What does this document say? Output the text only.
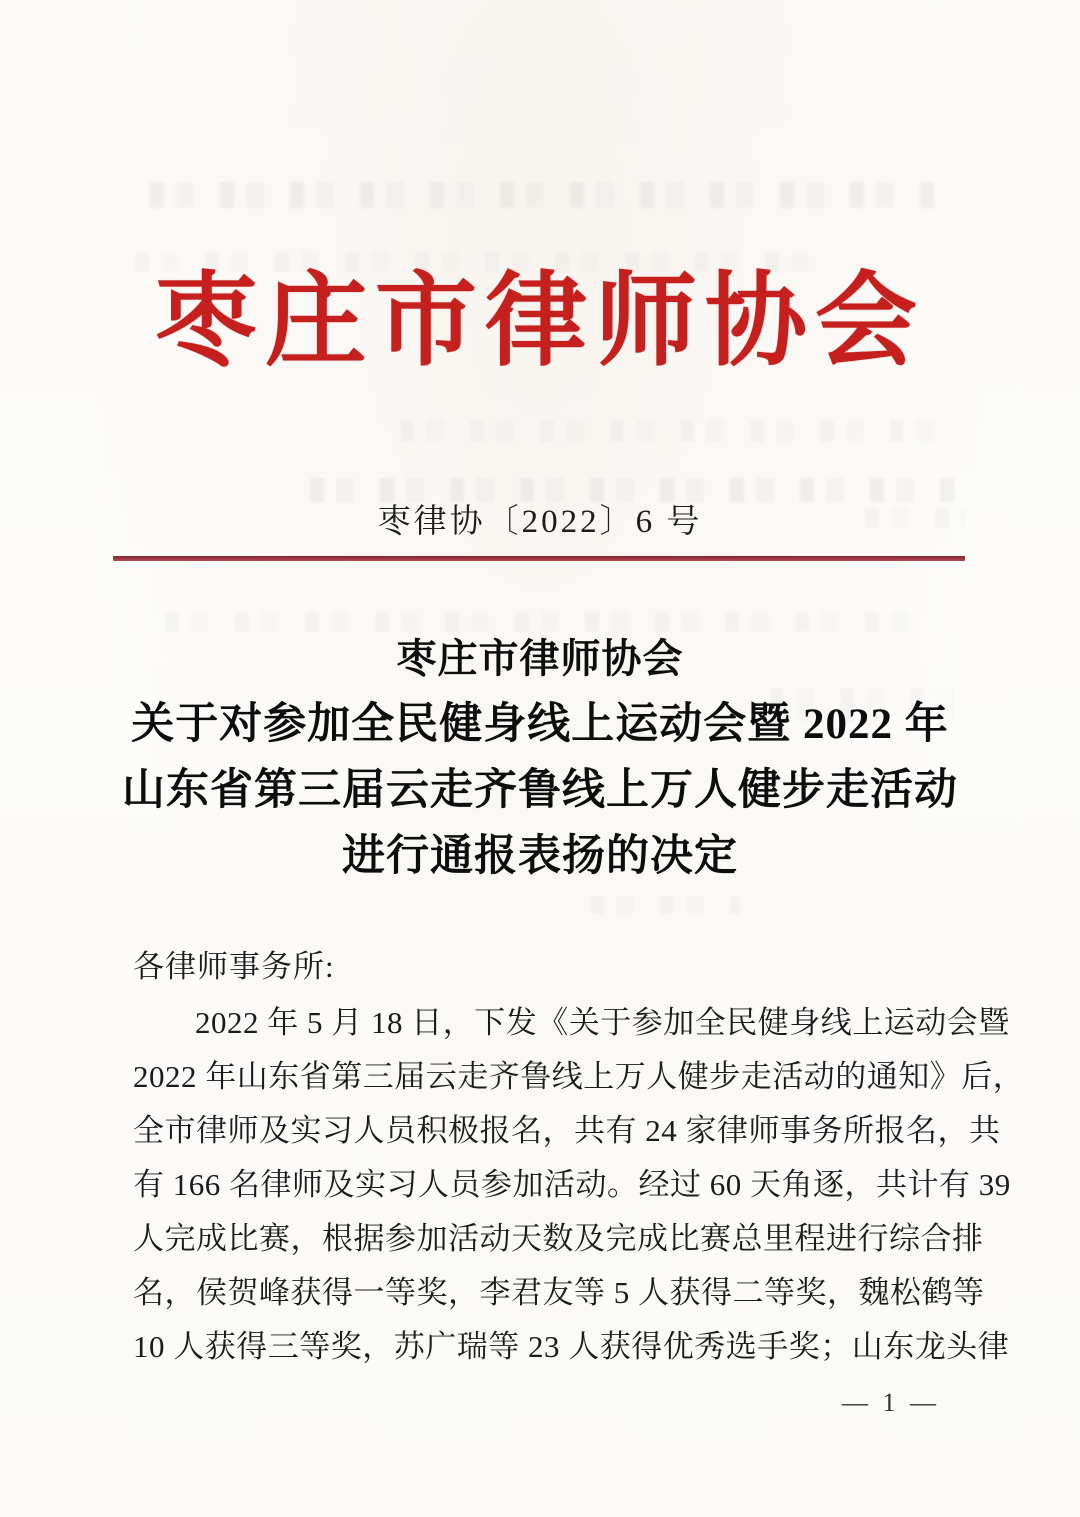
枣庄市律师协会
枣律协〔2022〕6 号
枣庄市律师协会
关于对参加全民健身线上运动会暨 2022 年
山东省第三届云走齐鲁线上万人健步走活动
进行通报表扬的决定
各律师事务所:
2022 年 5 月 18 日，下发《关于参加全民健身线上运动会暨
2022 年山东省第三届云走齐鲁线上万人健步走活动的通知》后，
全市律师及实习人员积极报名，共有 24 家律师事务所报名，共
有 166 名律师及实习人员参加活动。经过 60 天角逐，共计有 39
人完成比赛，根据参加活动天数及完成比赛总里程进行综合排
名，侯贺峰获得一等奖，李君友等 5 人获得二等奖，魏松鹤等
10 人获得三等奖，苏广瑞等 23 人获得优秀选手奖；山东龙头律
— 1 —
